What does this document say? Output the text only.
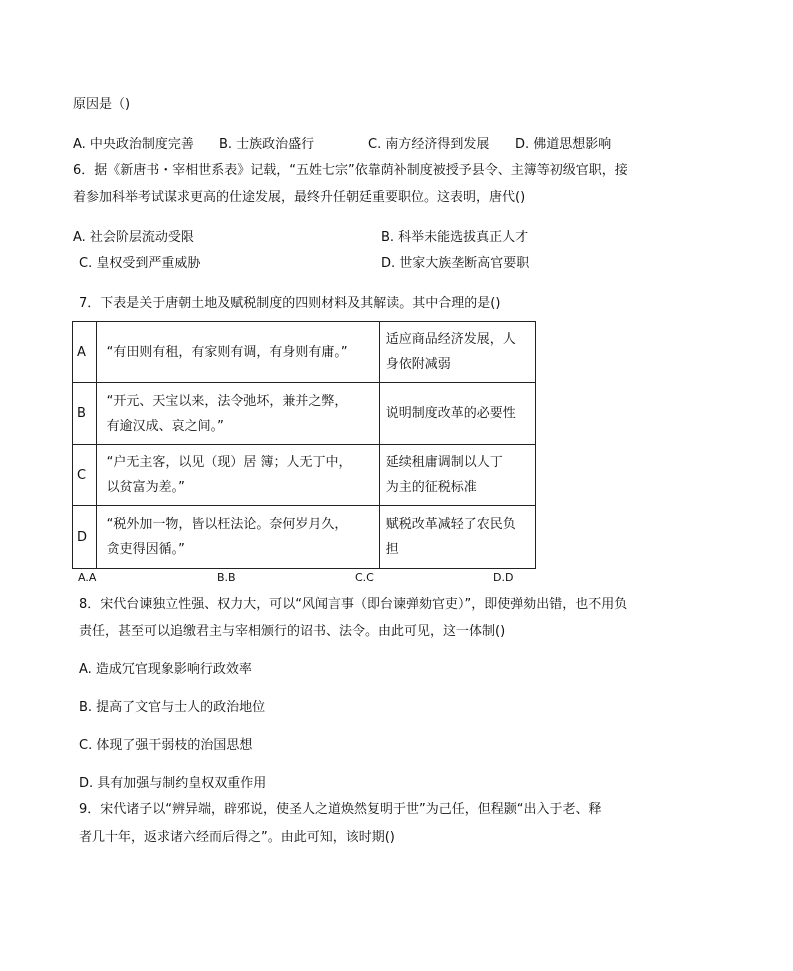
原因是（)
A. 中央政治制度完善 B. 士族政治盛行	C. 南方经济得到发展 D. 佛道思想影响
6．据《新唐书・宰相世系表》记载，“五姓七宗”依靠荫补制度被授予县令、主簿等初级官职，接
着参加科举考试谋求更高的仕途发展，最终升任朝廷重要职位。这表明，唐代()
A. 社会阶层流动受限	B. 科举未能选拔真正人才
C. 皇权受到严重威胁	D. 世家大族垄断高官要职
7．下表是关于唐朝土地及赋税制度的四则材料及其解读。其中合理的是()
A	“有田则有租，有家则有调，有身则有庸。”	适应商品经济发展，人
身依附减弱

B	“开元、天宝以来，法令弛坏，兼并之弊，
有逾汉成、哀之间。”	说明制度改革的必要性

C	“户无主客，以见（现）居 簿；人无丁中，
以贫富为差。”	延续租庸调制以人丁
为主的征税标准

D	“税外加一物，皆以枉法论。奈何岁月久，
贪吏得因循。”	赋税改革减轻了农民负
担
A.A	B.B	C.C	D.D
8．宋代台谏独立性强、权力大，可以“风闻言事（即台谏弹劾官吏）”，即使弹劾出错，也不用负
责任，甚至可以追缴君主与宰相颁行的诏书、法令。由此可见，这一体制()
A. 造成冗官现象影响行政效率
B. 提高了文官与士人的政治地位
C. 体现了强干弱枝的治国思想
D. 具有加强与制约皇权双重作用
9．宋代诸子以“辨异端，辟邪说，使圣人之道焕然复明于世”为己任，但程颢“出入于老、释
者几十年，返求诸六经而后得之”。由此可知，该时期()
